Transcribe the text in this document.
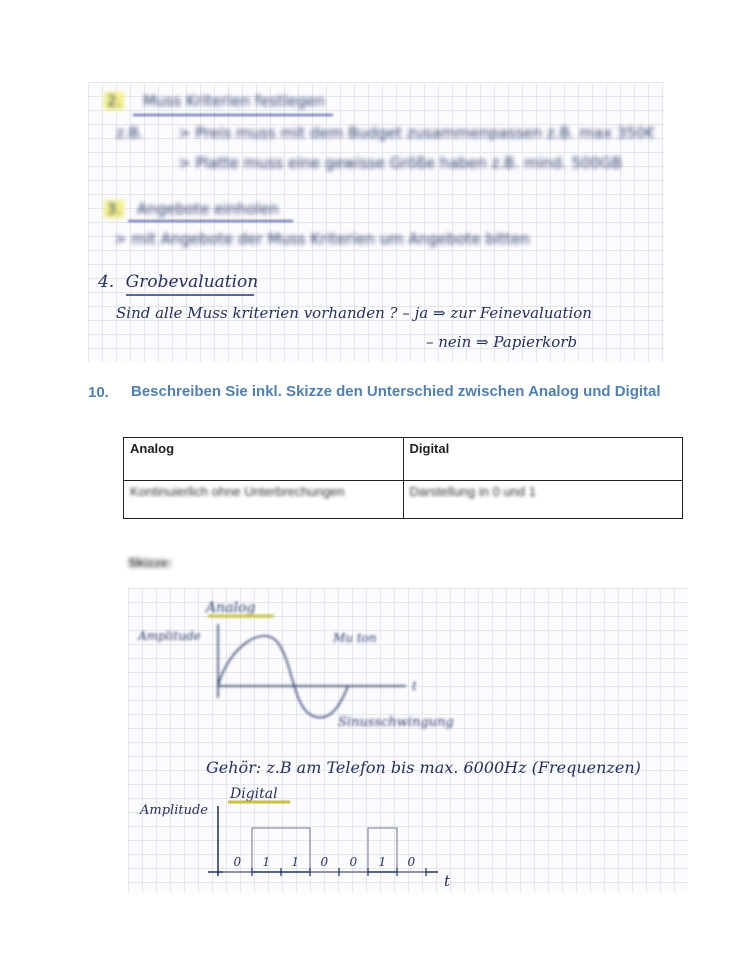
2. Muss Kriterien festlegen
z.B. > Preis muss mit dem Budget zusammenpassen z.B. max 350€
> Platte muss eine gewisse Größe haben z.B. mind. 500GB
3. Angebote einholen
> mit Angebote der Muss Kriterien um Angebote bitten
4. Grobevaluation
Sind alle Muss kriterien vorhanden ? – ja ⇒ zur Feinevaluation
– nein ⇒ Papierkorb
10. Beschreiben Sie inkl. Skizze den Unterschied zwischen Analog und Digital
Analog	Digital
Kontinuierlich ohne Unterbrechungen	Darstellung in 0 und 1
Skizze:
Analog
Amplitude
t
Mu ton
Sinusschwingung
Gehör: z.B am Telefon bis max. 6000Hz (Frequenzen)
Digital
Amplitude
t
0 1 1 0 0 1 0
